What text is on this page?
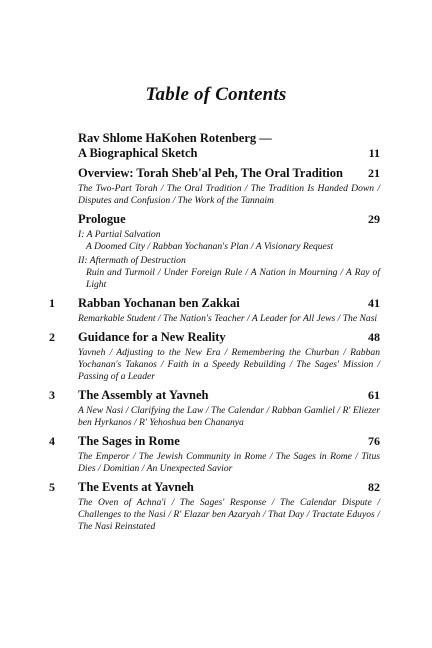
Table of Contents
Rav Shlome HaKohen Rotenberg —
A Biographical Sketch	11
Overview: Torah Sheb'al Peh, The Oral Tradition	21
The Two-Part Torah / The Oral Tradition / The Tradition Is Handed Down / Disputes and Confusion / The Work of the Tannaim
Prologue	29
I: A Partial Salvation
A Doomed City / Rabban Yochanan's Plan / A Visionary Request
II: Aftermath of Destruction
Ruin and Turmoil / Under Foreign Rule / A Nation in Mourning / A Ray of Light
1 Rabban Yochanan ben Zakkai	41
Remarkable Student / The Nation's Teacher / A Leader for All Jews / The Nasi
2 Guidance for a New Reality	48
Yavneh / Adjusting to the New Era / Remembering the Churban / Rabban Yochanan's Takanos / Faith in a Speedy Rebuilding / The Sages' Mission / Passing of a Leader
3 The Assembly at Yavneh	61
A New Nasi / Clarifying the Law / The Calendar / Rabban Gamliel / R' Eliezer ben Hyrkanos / R' Yehoshua ben Chananya
4 The Sages in Rome	76
The Emperor / The Jewish Community in Rome / The Sages in Rome / Titus Dies / Domitian / An Unexpected Savior
5 The Events at Yavneh	82
The Oven of Achna'i / The Sages' Response / The Calendar Dispute / Challenges to the Nasi / R' Elazar ben Azaryah / That Day / Tractate Eduyos / The Nasi Reinstated
